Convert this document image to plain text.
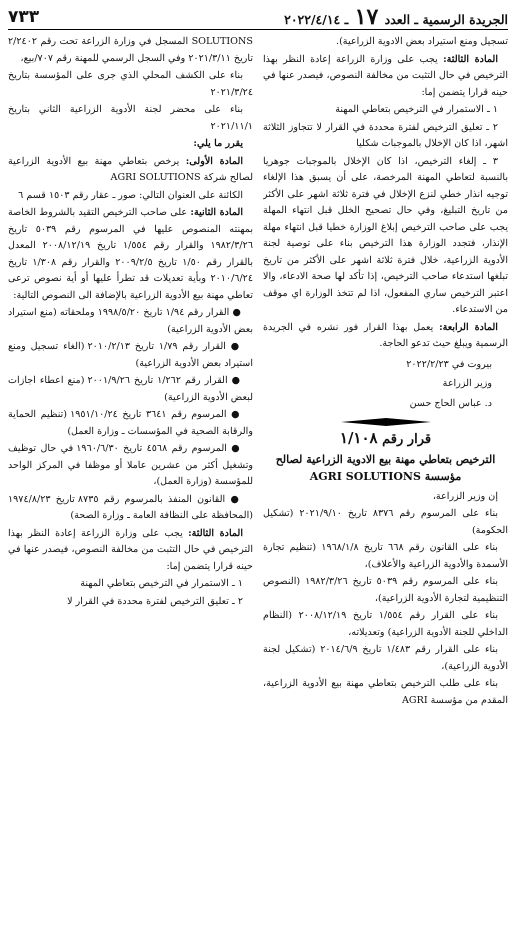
الجريدة الرسمية ـ العدد ١٧ ـ ٢٠٢٢/٤/١٤
٧٣٣

تسجيل ومنع استيراد بعض الادوية الزراعية).

المادة الثالثة: يجب على وزارة الزراعة إعادة النظر بهذا الترخيص في حال التثبت من مخالفة النصوص، فيصدر عنها في حينه قرارا يتضمن إما:

١ ـ الاستمرار في الترخيص بتعاطي المهنة

٢ ـ تعليق الترخيص لفترة محددة في القرار لا تتجاوز الثلاثة اشهر، اذا كان الإخلال بالموجبات شكليا

٣ ـ إلغاء الترخيص، اذا كان الإخلال بالموجبات جوهريا بالنسبة لتعاطي المهنة المرخصة، على أن يسبق هذا الإلغاء توجيه انذار خطي لنزع الإخلال في فترة ثلاثة اشهر على الأكثر من تاريخ التبليغ، وفي حال تصحيح الخلل قبل انتهاء المهلة يجب على صاحب الترخيص إبلاغ الوزارة خطيا قبل انتهاء مهلة الإنذار، فتجدد الوزارة هذا الترخيص بناء على توصية لجنة الأدوية الزراعية، خلال فترة ثلاثة اشهر على الأكثر من تاريخ تبلغها استدعاء صاحب الترخيص، إذا تأكد لها صحة الادعاء، والا اعتبر الترخيص ساري المفعول، اذا لم تتخذ الوزارة اي موقف من الاستدعاء.

المادة الرابعة: يعمل بهذا القرار فور نشره في الجريدة الرسمية ويبلغ حيث تدعو الحاجة.

بيروت في ٢٠٢٢/٢/٢٣

وزير الزراعة

د. عباس الحاج حسن

قرار رقم ١/١٠٨
الترخيص بتعاطي مهنة بيع الادوية الزراعية لصالح مؤسسة AGRI SOLUTIONS

إن وزير الزراعة،

بناء على المرسوم رقم ٨٣٧٦ تاريخ ٢٠٢١/٩/١٠ (تشكيل الحكومة)

بناء على القانون رقم ٦٦٨ تاريخ ١٩٦٨/١/٨ (تنظيم تجارة الأسمدة والأدوية الزراعية والأعلاف)،

بناء على المرسوم رقم ٥٠٣٩ تاريخ ١٩٨٢/٣/٢٦ (النصوص التنظيمية لتجارة الأدوية الزراعية)،

بناء على القرار رقم ١/٥٥٤ تاريخ ٢٠٠٨/١٢/١٩ (النظام الداخلي للجنة الأدوية الزراعية) وتعديلاته،

بناء على القرار رقم ١/٤٨٣ تاريخ ٢٠١٤/٦/٩ (تشكيل لجنة الأدوية الزراعية)،

بناء على طلب الترخيص بتعاطي مهنة بيع الأدوية الزراعية، المقدم من مؤسسة AGRI

SOLUTIONS المسجل في وزارة الزراعة تحت رقم ٢/٢٤٠٢ تاريخ ٢٠٢١/٣/١١ وفي السجل الرسمي للمهنة رقم ٧٠٧/بيع،

بناء على الكشف المحلي الذي جرى على المؤسسة بتاريخ ٢٠٢١/٣/٢٤

بناء على محضر لجنة الأدوية الزراعية الثاني بتاريخ ٢٠٢١/١١/١

يقرر ما يلي:

المادة الأولى: يرخص بتعاطي مهنة بيع الأدوية الزراعية لصالح شركة AGRI SOLUTIONS

الكائنة على العنوان التالي: صور ـ عقار رقم ١٥٠٣ قسم ٦

المادة الثانية: على صاحب الترخيص التقيد بالشروط الخاصة بمهنته المنصوص عليها في المرسوم رقم ٥٠٣٩ تاريخ ١٩٨٢/٣/٢٦ والقرار رقم ١/٥٥٤ تاريخ ٢٠٠٨/١٢/١٩ المعدل بالقرار رقم ١/٥٠ تاريخ ٢٠٠٩/٢/٥ والقرار رقم ١/٣٠٨ تاريخ ٢٠١٠/٦/٢٤ وبأية تعديلات قد تطرأ عليها أو أية نصوص ترعى تعاطي مهنة بيع الأدوية الزراعية بالإضافة الى النصوص التالية:

● القرار رقم ١/٩٤ تاريخ ١٩٩٨/٥/٢٠ وملحقاته (منع استيراد بعض الأدوية الزراعية)

● القرار رقم ١/٧٩ تاريخ ٢٠١٠/٢/١٣ (الغاء تسجيل ومنع استيراد بعض الأدوية الزراعية)

● القرار رقم ١/٢٦٢ تاريخ ٢٠٠١/٩/٢٦ (منع اعطاء اجازات لبعض الأدوية الزراعية)

● المرسوم رقم ٣٦٤١ تاريخ ١٩٥١/١٠/٢٤ (تنظيم الحماية والرقابة الصحية في المؤسسات ـ وزارة العمل)

● المرسوم رقم ٤٥٦٨ تاريخ ١٩٦٠/٦/٣٠ في حال توظيف وتشغيل أكثر من عشرين عاملا أو موظفا في المركز الواحد للمؤسسة (وزارة العمل)،

● القانون المنفذ بالمرسوم رقم ٨٧٣٥ تاريخ ١٩٧٤/٨/٢٣ (المحافظة على النظافة العامة ـ وزارة الصحة)

المادة الثالثة: يجب على وزارة الزراعة إعادة النظر بهذا الترخيص في حال التثبت من مخالفة النصوص، فيصدر عنها في حينه قرارا يتضمن إما:

١ ـ الاستمرار في الترخيص بتعاطي المهنة

٢ ـ تعليق الترخيص لفترة محددة في القرار لا
